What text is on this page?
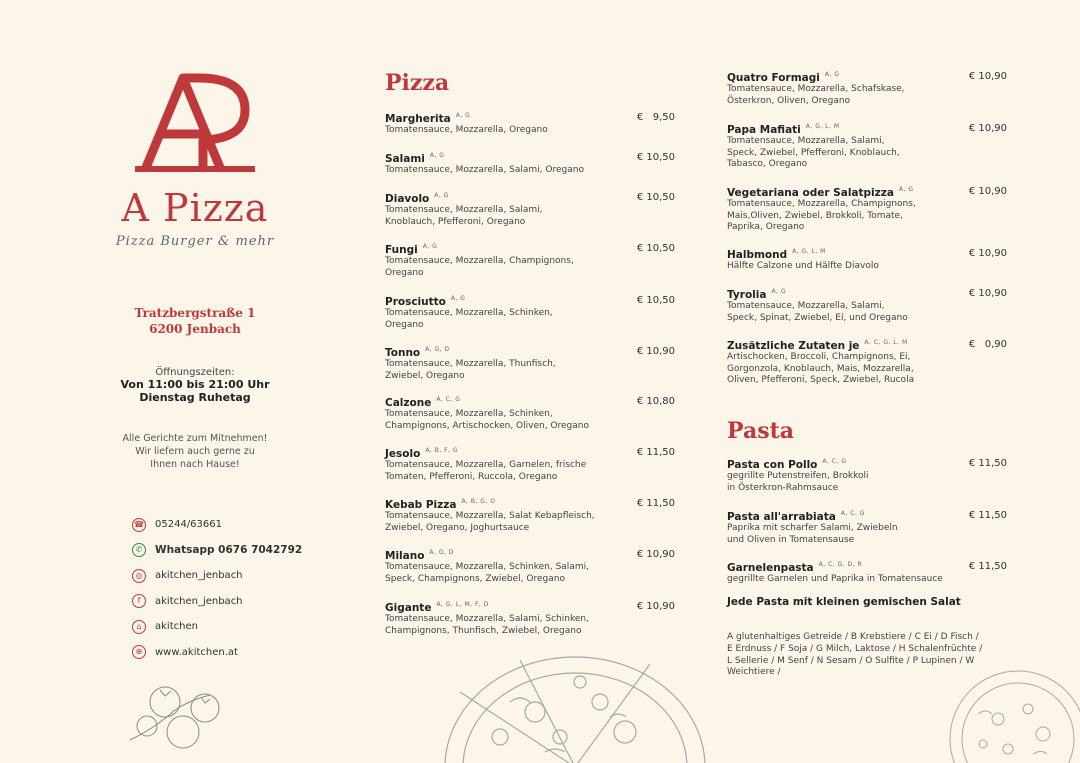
A Pizza
Pizza Burger & mehr
Tratzbergstraße 1
6200 Jenbach
Öffnungszeiten:
Von 11:00 bis 21:00 Uhr
Dienstag Ruhetag
Alle Gerichte zum Mitnehmen!
Wir liefern auch gerne zu
Ihnen nach Hause!
☎ 05244/63661
✆	Whatsapp 0676 7042792
◎	akitchen_jenbach
f	akitchen_jenbach
⌂	akitchen
⊕	www.akitchen.at
Pizza
Margherita $^{A, G}$
Tomatensauce, Mozzarella, Oregano
€   9,50
Salami $^{A, G}$
Tomatensauce, Mozzarella, Salami, Oregano
€ 10,50
Diavolo $^{A, G}$
Tomatensauce, Mozzarella, Salami, Knoblauch, Pfefferoni, Oregano
€ 10,50
Fungi $^{A, G}$
Tomatensauce, Mozzarella, Champignons, Oregano
€ 10,50
Prosciutto $^{A, G}$
Tomatensauce, Mozzarella, Schinken, Oregano
€ 10,50
Tonno $^{A, G, D}$
Tomatensauce, Mozzarella, Thunfisch, Zwiebel, Oregano
€ 10,90
Calzone $^{A, C, G}$
Tomatensauce, Mozzarella, Schinken, Champignons, Artischocken, Oliven, Oregano
€ 10,80
Jesolo $^{A, B, F, G}$
Tomatensauce, Mozzarella, Garnelen, frische Tomaten, Pfefferoni, Ruccola, Oregano
€ 11,50
Kebab Pizza $^{A, B, G, O}$
Tomatensauce, Mozzarella, Salat Kebapfleisch, Zwiebel, Oregano, Joghurtsauce
€ 11,50
Milano $^{A, G, D}$
Tomatensauce, Mozzarella, Schinken, Salami, Speck, Champignons, Zwiebel, Oregano
€ 10,90
Gigante $^{A, G, L, M, F, D}$
Tomatensauce, Mozzarella, Salami, Schinken, Champignons, Thunfisch, Zwiebel, Oregano
€ 10,90
Quatro Formagi $^{A, G}$
Tomatensauce, Mozzarella, Schafskase, Österkron, Oliven, Oregano
€ 10,90
Papa Mafiati $^{A, G, L, M}$
Tomatensauce, Mozzarella, Salami, Speck, Zwiebel, Pfefferoni, Knoblauch, Tabasco, Oregano
€ 10,90
Vegetariana oder Salatpizza $^{A, G}$
Tomatensauce, Mozzarella, Champignons, Mais,Oliven, Zwiebel, Brokkoli, Tomate, Paprika, Oregano
€ 10,90
Halbmond $^{A, G, L, M}$
Hälfte Calzone und Hälfte Diavolo
€ 10,90
Tyrolia $^{A, G}$
Tomatensauce, Mozzarella, Salami, Speck, Spinat, Zwiebel, Ei, und Oregano
€ 10,90
Zusätzliche Zutaten je $^{A, C, G, L, M}$
Artischocken, Broccoli, Champignons, Ei, Gorgonzola, Knoblauch, Mais, Mozzarella, Oliven, Pfefferoni, Speck, Zwiebel, Rucola
€   0,90
Pasta
Pasta con Pollo $^{A, C, G}$
gegrillte Putenstreifen, Brokkoli in Österkron-Rahmsauce
€ 11,50
Pasta all'arrabiata $^{A, C, G}$
Paprika mit scharfer Salami, Zwiebeln und Oliven in Tomatensause
€ 11,50
Garnelenpasta $^{A, C, G, D, R}$
gegrillte Garnelen und Paprika in Tomatensauce
€ 11,50
Jede Pasta mit kleinen gemischen Salat
A glutenhaltiges Getreide / B Krebstiere / C Ei / D Fisch / E Erdnuss / F Soja / G Milch, Laktose / H Schalenfrüchte / L Sellerie / M Senf / N Sesam / O Sulfite / P Lupinen / W Weichtiere /
